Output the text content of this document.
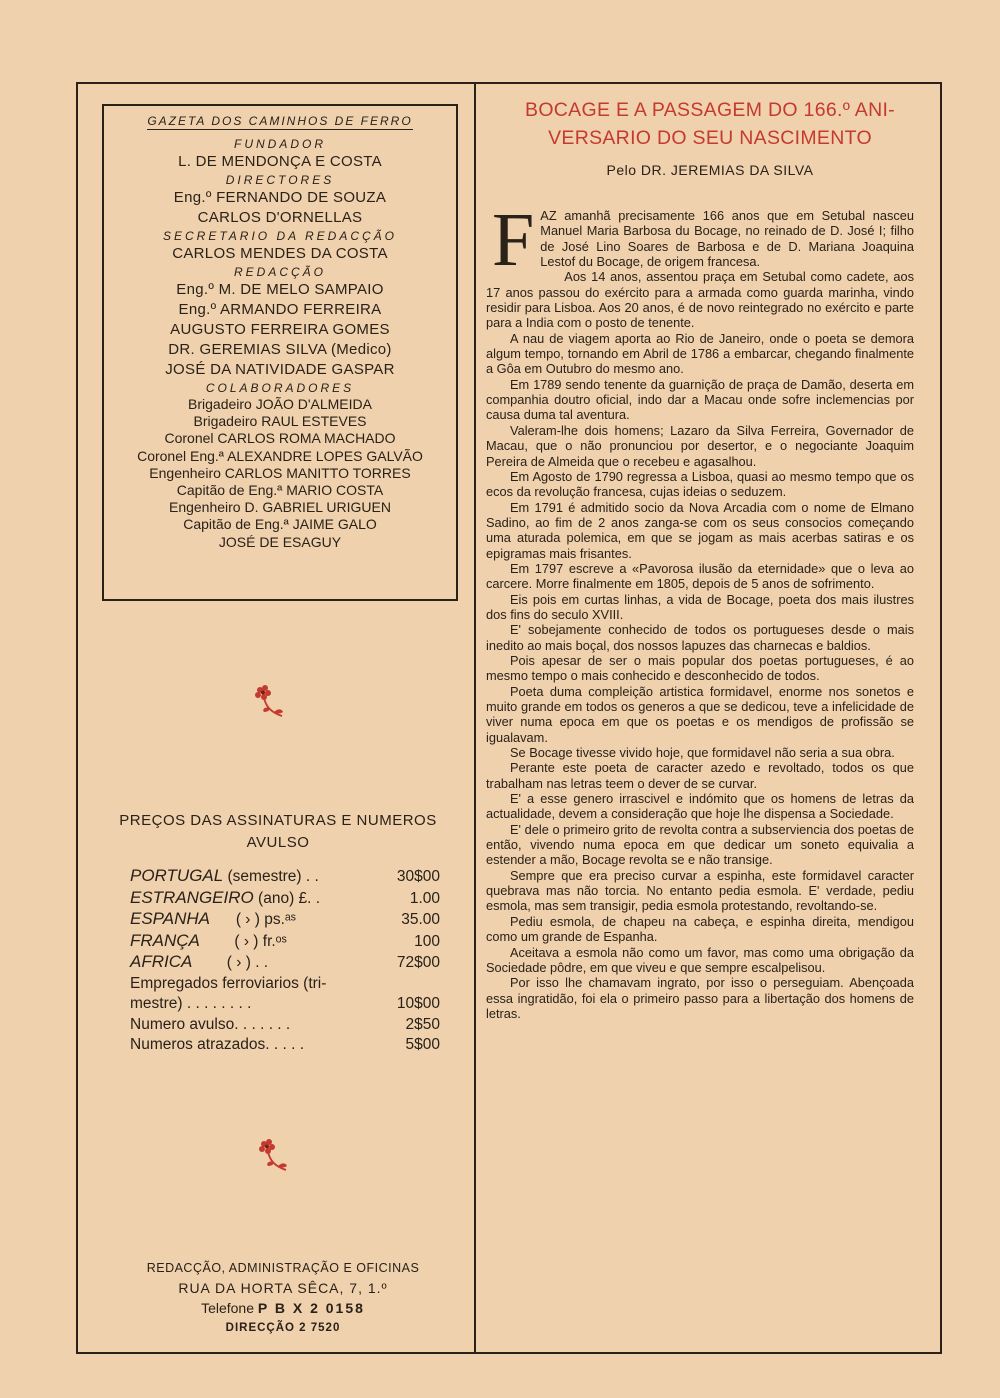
GAZETA DOS CAMINHOS DE FERRO
FUNDADOR
L. DE MENDONÇA E COSTA
DIRECTORES
Eng.º FERNANDO DE SOUZA
CARLOS D'ORNELLAS
SECRETARIO DA REDACÇÃO
CARLOS MENDES DA COSTA
REDACÇÃO
Eng.º M. DE MELO SAMPAIO
Eng.º ARMANDO FERREIRA
AUGUSTO FERREIRA GOMES
DR. GEREMIAS SILVA (Medico)
JOSÉ DA NATIVIDADE GASPAR
COLABORADORES
Brigadeiro JOÃO D'ALMEIDA
Brigadeiro RAUL ESTEVES
Coronel CARLOS ROMA MACHADO
Coronel Eng.ª ALEXANDRE LOPES GALVÃO
Engenheiro CARLOS MANITTO TORRES
Capitão de Eng.ª MARIO COSTA
Engenheiro D. GABRIEL URIGUEN
Capitão de Eng.ª JAIME GALO
JOSÉ DE ESAGUY
PREÇOS DAS ASSINATURAS E NUMEROS
AVULSO
PORTUGAL (semestre) . .	30$00
ESTRANGEIRO (ano) £. .	1.00
ESPANHA      ( › ) ps.ᵃˢ	35.00
FRANÇA        ( › ) fr.ᵒˢ	100
AFRICA        ( › ) . .	72$00
Empregados ferroviarios (tri-	
mestre) . . . . . . . .	10$00
Numero avulso. . . . . . .	2$50
Numeros atrazados. . . . .	5$00
REDACÇÃO, ADMINISTRAÇÃO E OFICINAS
RUA DA HORTA SÊCA, 7, 1.º
Telefone P B X 2 0158
DIRECÇÃO 2 7520
BOCAGE E A PASSAGEM DO 166.º ANI-
VERSARIO DO SEU NASCIMENTO
Pelo DR. JEREMIAS DA SILVA
F AZ amanhã precisamente 166 anos que em Setubal nasceu Manuel Maria Barbosa du Bocage, no reinado de D. José I; filho de José Lino Soares de Barbosa e de D. Mariana Joaquina Lestof du Bocage, de origem francesa.

Aos 14 anos, assentou praça em Setubal como cadete, aos 17 anos passou do exército para a armada como guarda marinha, vindo residir para Lisboa. Aos 20 anos, é de novo reintegrado no exército e parte para a India com o posto de tenente.

A nau de viagem aporta ao Rio de Janeiro, onde o poeta se demora algum tempo, tornando em Abril de 1786 a embarcar, chegando finalmente a Gôa em Outubro do mesmo ano.

Em 1789 sendo tenente da guarnição de praça de Damão, deserta em companhia doutro oficial, indo dar a Macau onde sofre inclemencias por causa duma tal aventura.

Valeram-lhe dois homens; Lazaro da Silva Ferreira, Governador de Macau, que o não pronunciou por desertor, e o negociante Joaquim Pereira de Almeida que o recebeu e agasalhou.

Em Agosto de 1790 regressa a Lisboa, quasi ao mesmo tempo que os ecos da revolução francesa, cujas ideias o seduzem.

Em 1791 é admitido socio da Nova Arcadia com o nome de Elmano Sadino, ao fim de 2 anos zanga-se com os seus consocios começando uma aturada polemica, em que se jogam as mais acerbas satiras e os epigramas mais frisantes.

Em 1797 escreve a «Pavorosa ilusão da eternidade» que o leva ao carcere. Morre finalmente em 1805, depois de 5 anos de sofrimento.

Eis pois em curtas linhas, a vida de Bocage, poeta dos mais ilustres dos fins do seculo XVIII.

E' sobejamente conhecido de todos os portugueses desde o mais inedito ao mais boçal, dos nossos lapuzes das charnecas e baldios.

Pois apesar de ser o mais popular dos poetas portugueses, é ao mesmo tempo o mais conhecido e desconhecido de todos.

Poeta duma compleição artistica formidavel, enorme nos sonetos e muito grande em todos os generos a que se dedicou, teve a infelicidade de viver numa epoca em que os poetas e os mendigos de profissão se igualavam.

Se Bocage tivesse vivido hoje, que formidavel não seria a sua obra.

Perante este poeta de caracter azedo e revoltado, todos os que trabalham nas letras teem o dever de se curvar.

E' a esse genero irrascivel e indómito que os homens de letras da actualidade, devem a consideração que hoje lhe dispensa a Sociedade.

E' dele o primeiro grito de revolta contra a subserviencia dos poetas de então, vivendo numa epoca em que dedicar um soneto equivalia a estender a mão, Bocage revolta se e não transige.

Sempre que era preciso curvar a espinha, este formidavel caracter quebrava mas não torcia. No entanto pedia esmola. E' verdade, pediu esmola, mas sem transigir, pedia esmola protestando, revoltando-se.

Pediu esmola, de chapeu na cabeça, e espinha direita, mendigou como um grande de Espanha.

Aceitava a esmola não como um favor, mas como uma obrigação da Sociedade pôdre, em que viveu e que sempre escalpelisou.

Por isso lhe chamavam ingrato, por isso o perseguiam. Abençoada essa ingratidão, foi ela o primeiro passo para a libertação dos homens de letras.
